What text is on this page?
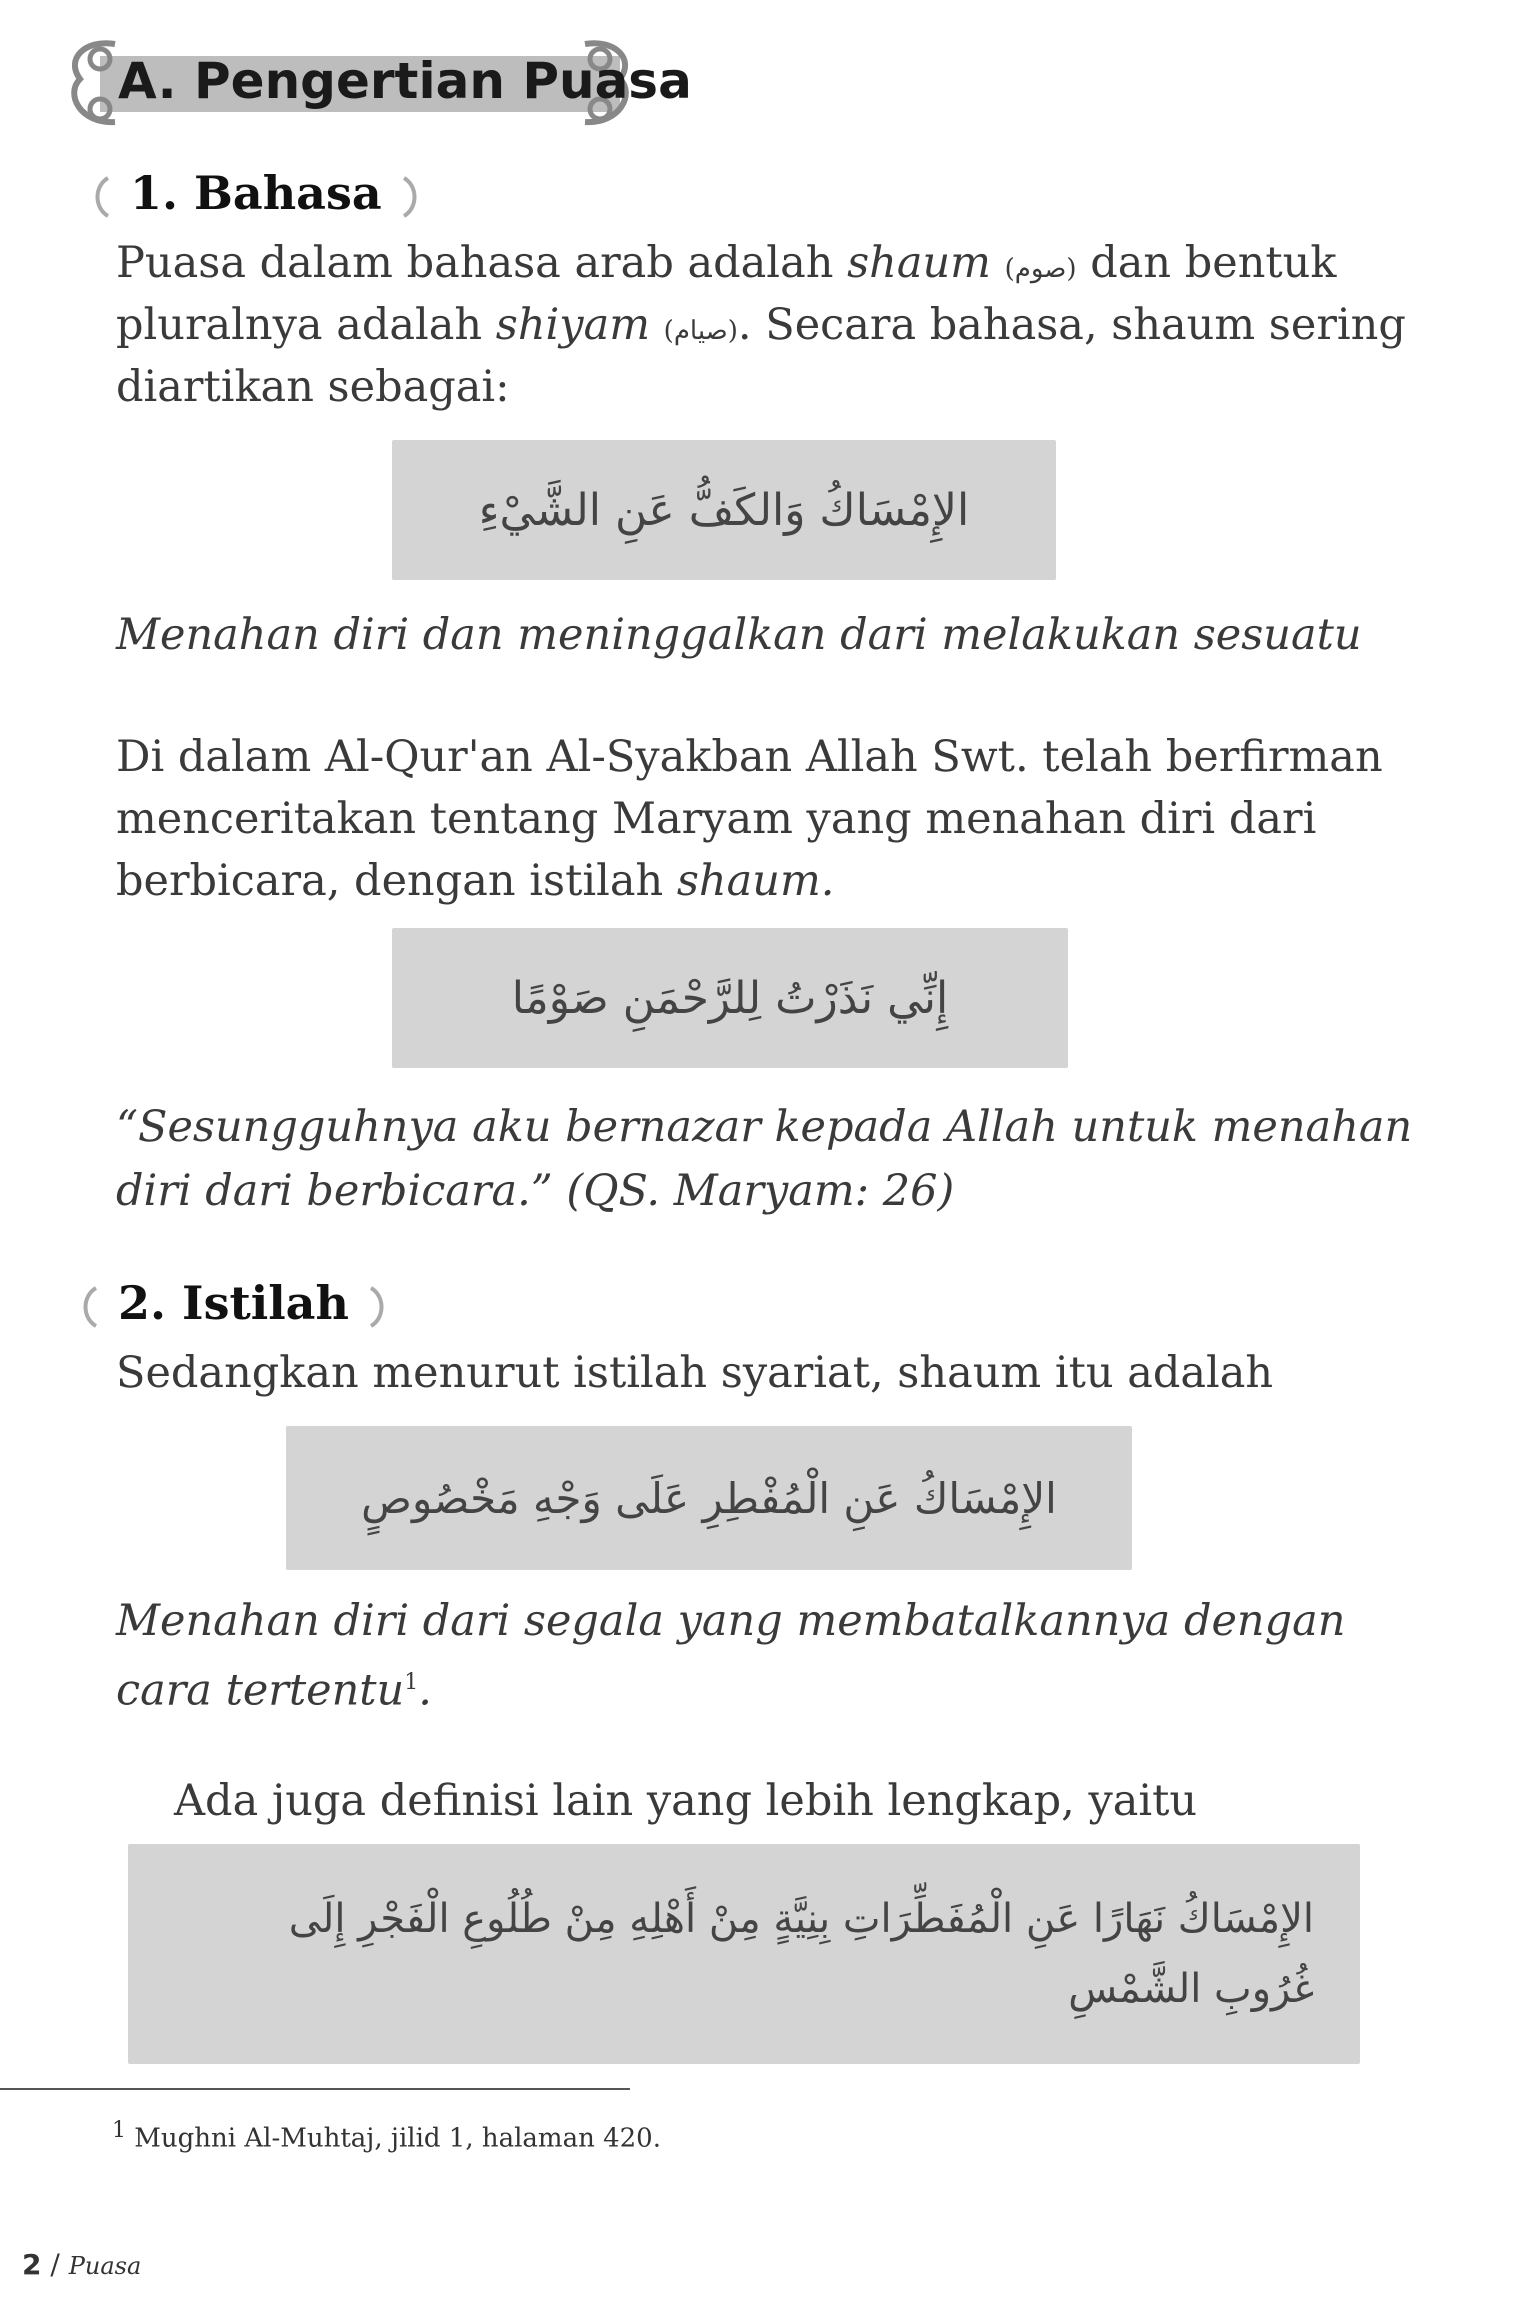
A. Pengertian Puasa
1. Bahasa
Puasa dalam bahasa arab adalah shaum (صوم) dan bentuk
pluralnya adalah shiyam (صيام). Secara bahasa, shaum sering
diartikan sebagai:
الإِمْسَاكُ وَالكَفُّ عَنِ الشَّيْءِ
Menahan diri dan meninggalkan dari melakukan sesuatu
Di dalam Al-Qur'an Al-Syakban Allah Swt. telah berfirman
menceritakan tentang Maryam yang menahan diri dari
berbicara, dengan istilah shaum.
إِنِّي نَذَرْتُ لِلرَّحْمَنِ صَوْمًا
“Sesungguhnya aku bernazar kepada Allah untuk menahan
diri dari berbicara.” (QS. Maryam: 26)
2. Istilah
Sedangkan menurut istilah syariat, shaum itu adalah
الإِمْسَاكُ عَنِ الْمُفْطِرِ عَلَى وَجْهِ مَخْصُوصٍ
Menahan diri dari segala yang membatalkannya dengan
cara tertentu$^1$.
Ada juga definisi lain yang lebih lengkap, yaitu
الإِمْسَاكُ نَهَارًا عَنِ الْمُفَطِّرَاتِ بِنِيَّةٍ مِنْ أَهْلِهِ مِنْ طُلُوعِ الْفَجْرِ إِلَى
غُرُوبِ الشَّمْسِ
$^1$ Mughni Al-Muhtaj, jilid 1, halaman 420.
2 / Puasa
